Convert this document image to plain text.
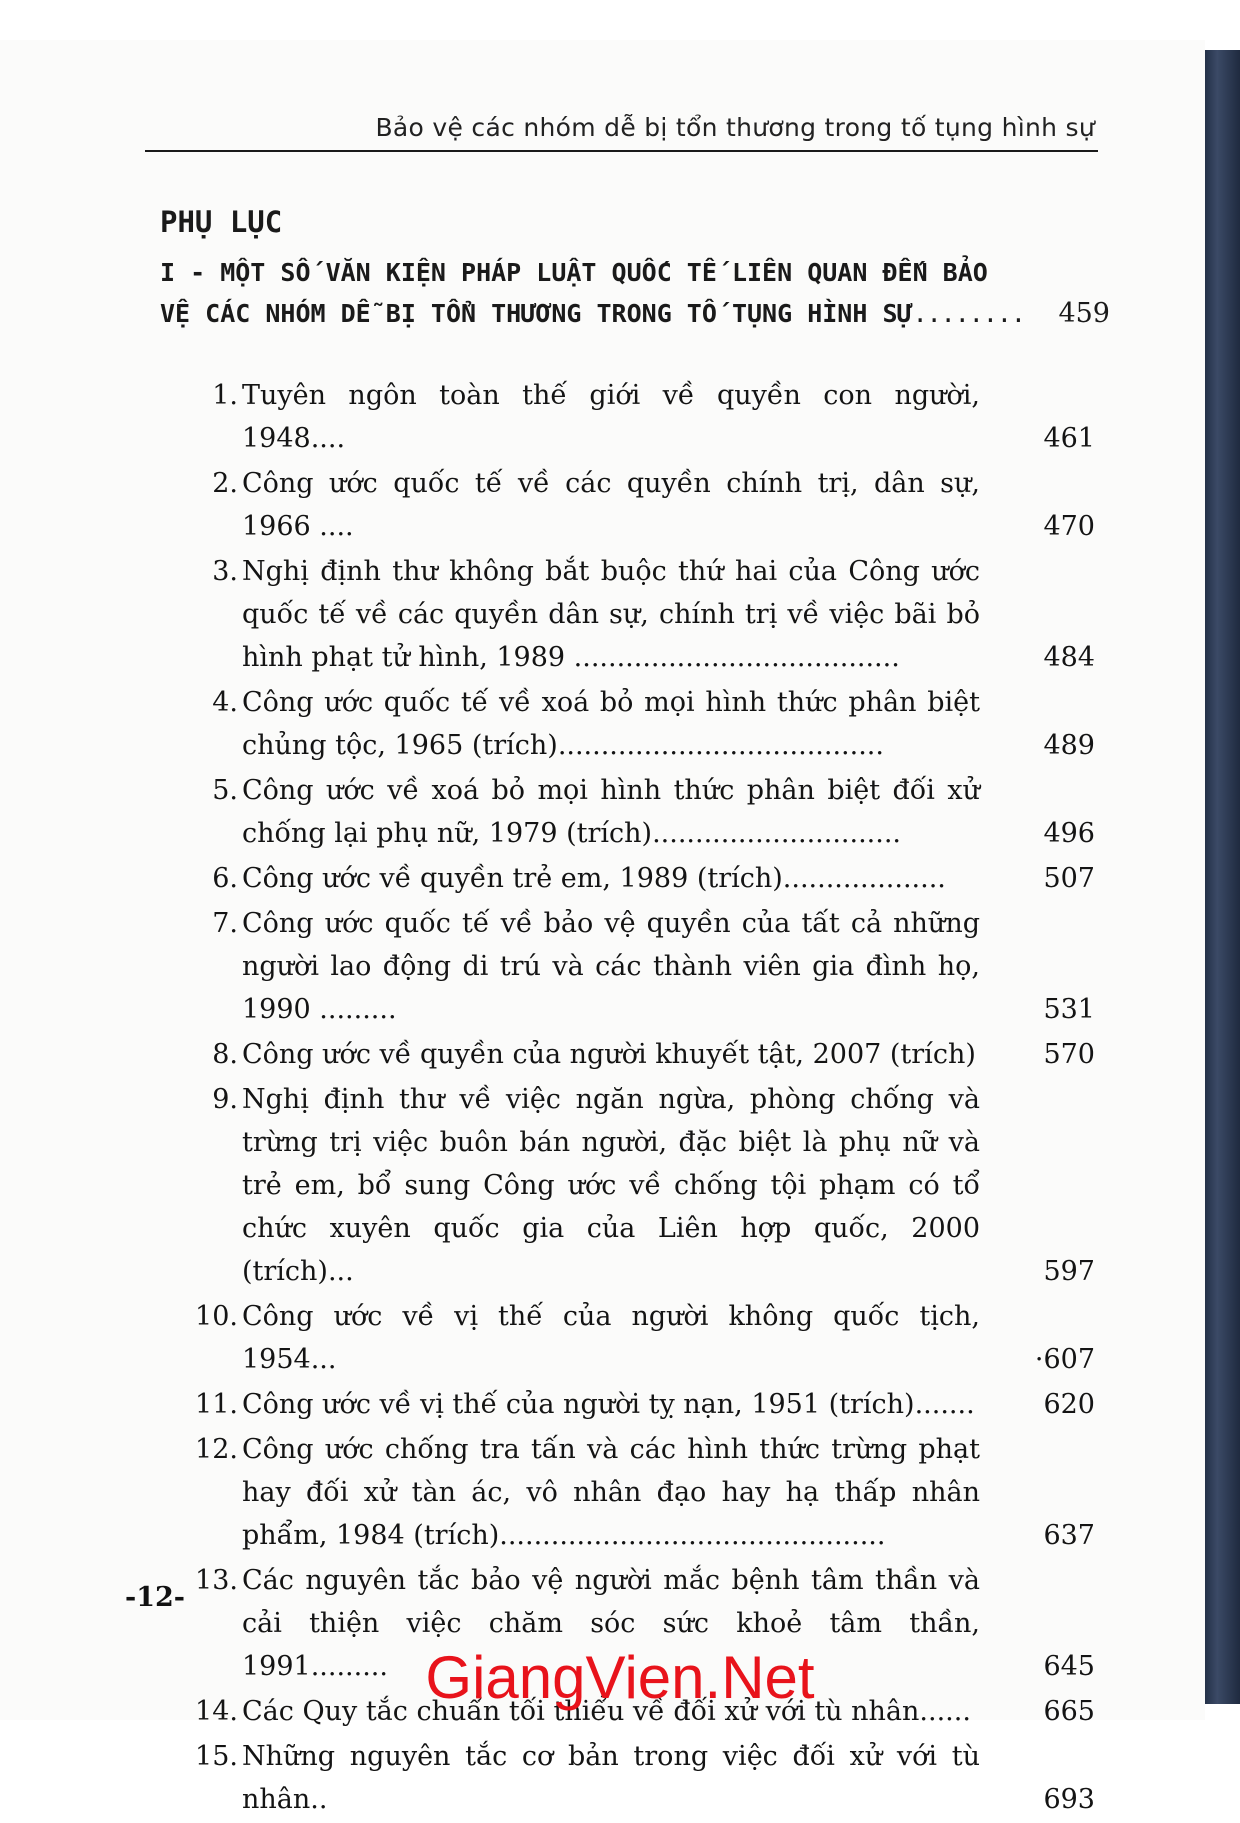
Bảo vệ các nhóm dễ bị tổn thương trong tố tụng hình sự
PHỤ LỤC
I - MỘT SỐ VĂN KIỆN PHÁP LUẬT QUỐC TẾ LIÊN QUAN ĐẾN BẢO
VỆ CÁC NHÓM DỄ BỊ TỔN THƯƠNG TRONG TỐ TỤNG HÌNH SỰ........ 459
1. Tuyên ngôn toàn thế giới về quyền con người, 1948....	461
2. Công ước quốc tế về các quyền chính trị, dân sự, 1966 ....	470
3. Nghị định thư không bắt buộc thứ hai của Công ước quốc tế về các quyền dân sự, chính trị về việc bãi bỏ hình phạt tử hình, 1989 ......................................	484
4. Công ước quốc tế về xoá bỏ mọi hình thức phân biệt chủng tộc, 1965 (trích)......................................	489
5. Công ước về xoá bỏ mọi hình thức phân biệt đối xử chống lại phụ nữ, 1979 (trích).............................	496
6. Công ước về quyền trẻ em, 1989 (trích)...................	507
7. Công ước quốc tế về bảo vệ quyền của tất cả những người lao động di trú và các thành viên gia đình họ, 1990 .........	531
8. Công ước về quyền của người khuyết tật, 2007 (trích)	570
9. Nghị định thư về việc ngăn ngừa, phòng chống và trừng trị việc buôn bán người, đặc biệt là phụ nữ và trẻ em, bổ sung Công ước về chống tội phạm có tổ chức xuyên quốc gia của Liên hợp quốc, 2000 (trích)...	597
10. Công ước về vị thế của người không quốc tịch, 1954...	·607
11. Công ước về vị thế của người tỵ nạn, 1951 (trích).......	620
12. Công ước chống tra tấn và các hình thức trừng phạt hay đối xử tàn ác, vô nhân đạo hay hạ thấp nhân phẩm, 1984 (trích).............................................	637
13. Các nguyên tắc bảo vệ người mắc bệnh tâm thần và cải thiện việc chăm sóc sức khoẻ tâm thần, 1991.........	645
14. Các Quy tắc chuẩn tối thiểu về đối xử với tù nhân......	665
15. Những nguyên tắc cơ bản trong việc đối xử với tù nhân..	693
-12-
GiangVien.Net
